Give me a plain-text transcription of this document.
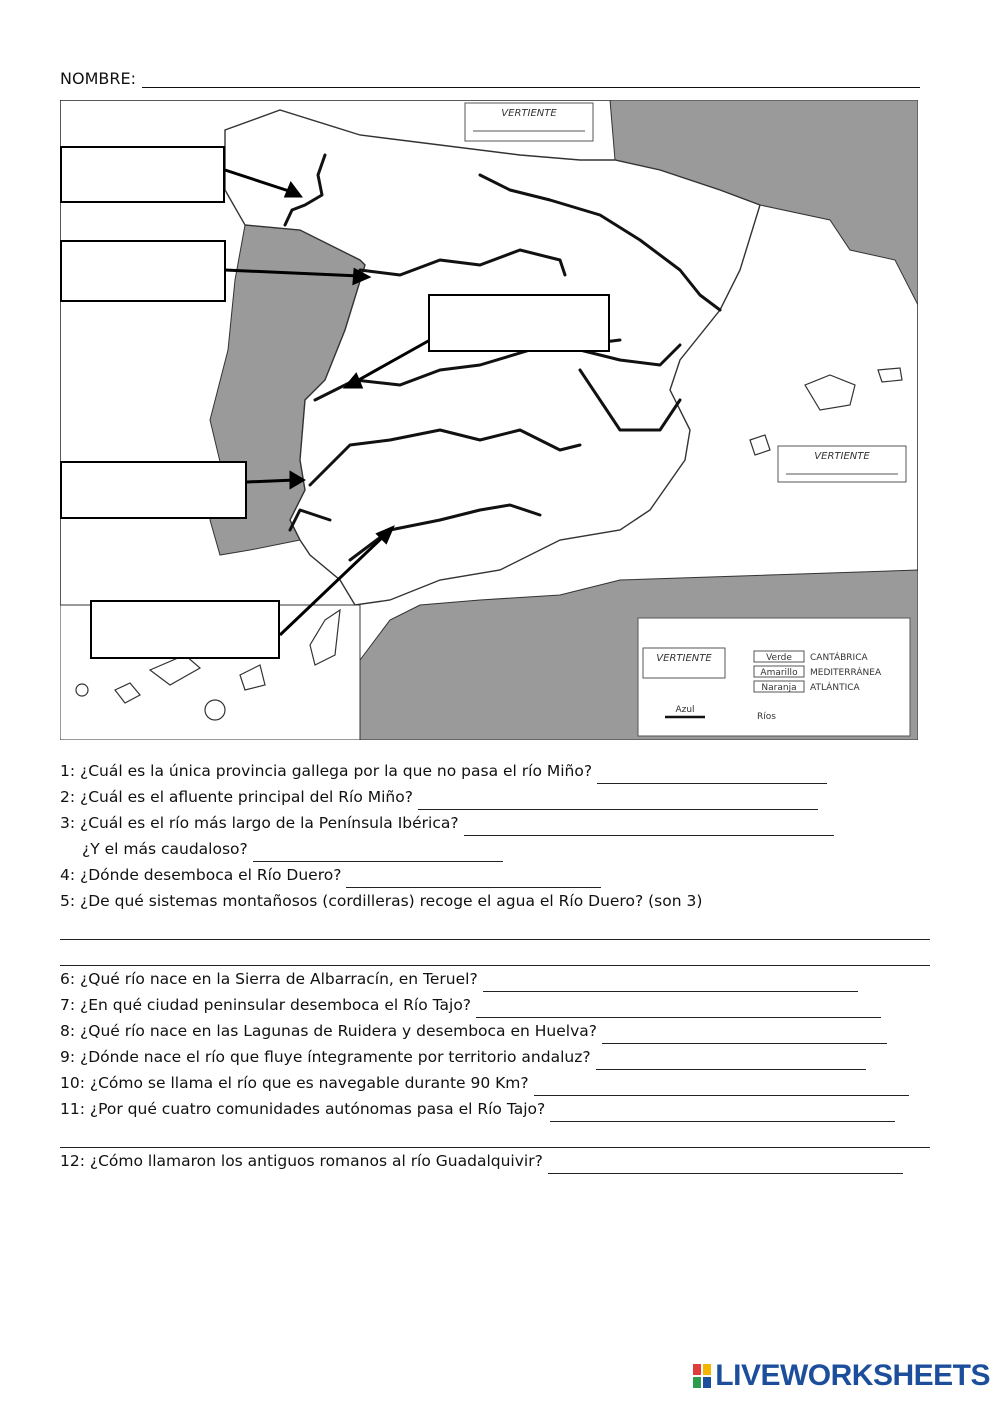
NOMBRE:
VERTIENTE
VERTIENTE
VERTIENTE	Verde CANTÁBRICA
Amarillo MEDITERRÁNEA
Naranja ATLÁNTICA
Azul
Ríos
1: ¿Cuál es la única provincia gallega por la que no pasa el río Miño?
2: ¿Cuál es el afluente principal del Río Miño?
3: ¿Cuál es el río más largo de la Península Ibérica?
¿Y el más caudaloso?
4: ¿Dónde desemboca el Río Duero?
5: ¿De qué sistemas montañosos (cordilleras) recoge el agua el Río Duero? (son 3)
6: ¿Qué río nace en la Sierra de Albarracín, en Teruel?
7: ¿En qué ciudad peninsular desemboca el Río Tajo?
8: ¿Qué río nace en las Lagunas de Ruidera y desemboca en Huelva?
9: ¿Dónde nace el río que fluye íntegramente por territorio andaluz?
10: ¿Cómo se llama el río que es navegable durante 90 Km?
11: ¿Por qué cuatro comunidades autónomas pasa el Río Tajo?
12: ¿Cómo llamaron los antiguos romanos al río Guadalquivir?
LIVEWORKSHEETS
